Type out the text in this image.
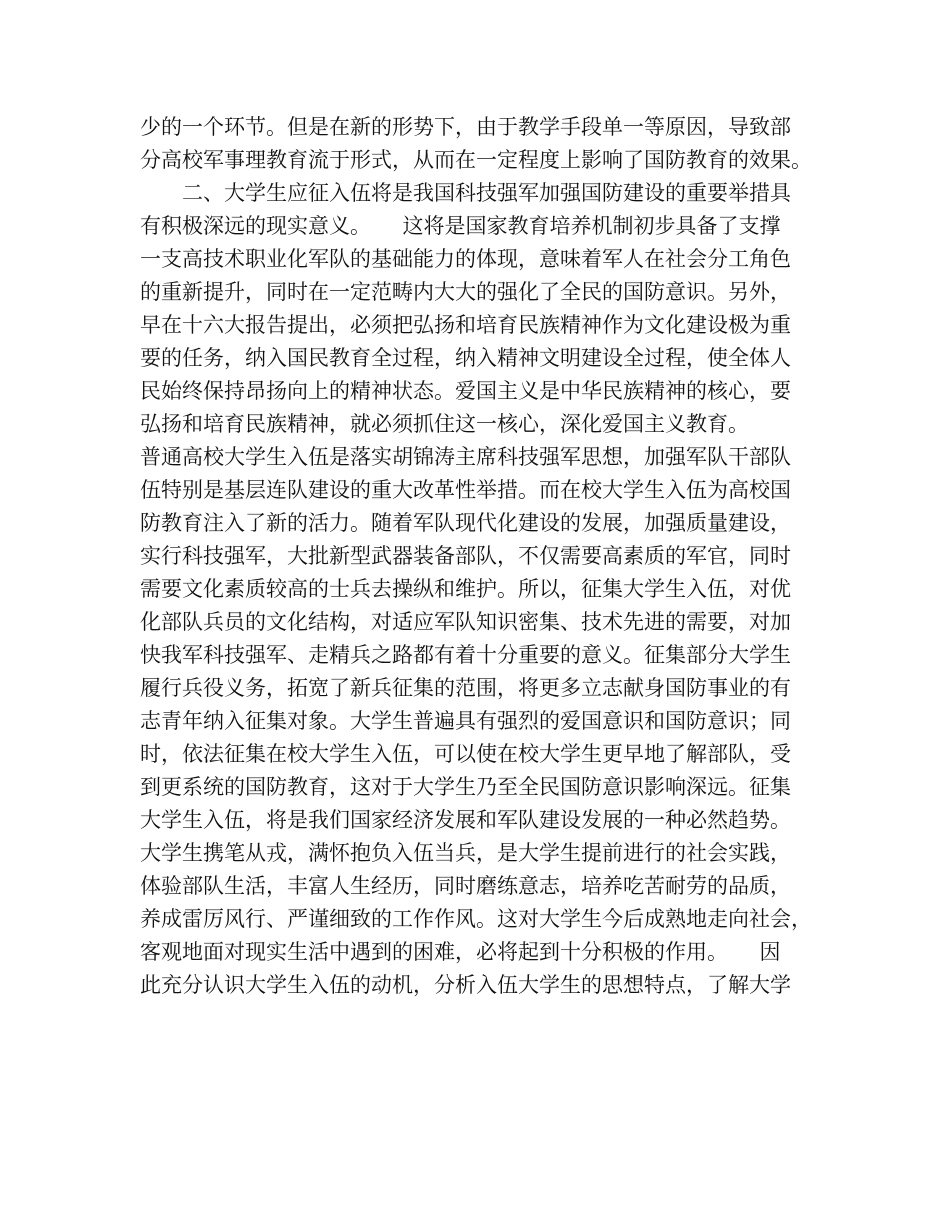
少的一个环节。但是在新的形势下，由于教学手段单一等原因，导致部
分高校军事理教育流于形式，从而在一定程度上影响了国防教育的效果。
二、大学生应征入伍将是我国科技强军加强国防建设的重要举措具
有积极深远的现实意义。　　这将是国家教育培养机制初步具备了支撑
一支高技术职业化军队的基础能力的体现，意味着军人在社会分工角色
的重新提升，同时在一定范畴内大大的强化了全民的国防意识。另外，
早在十六大报告提出，必须把弘扬和培育民族精神作为文化建设极为重
要的任务，纳入国民教育全过程，纳入精神文明建设全过程，使全体人
民始终保持昂扬向上的精神状态。爱国主义是中华民族精神的核心，要
弘扬和培育民族精神，就必须抓住这一核心，深化爱国主义教育。
普通高校大学生入伍是落实胡锦涛主席科技强军思想，加强军队干部队
伍特别是基层连队建设的重大改革性举措。而在校大学生入伍为高校国
防教育注入了新的活力。随着军队现代化建设的发展，加强质量建设，
实行科技强军，大批新型武器装备部队，不仅需要高素质的军官，同时
需要文化素质较高的士兵去操纵和维护。所以，征集大学生入伍，对优
化部队兵员的文化结构，对适应军队知识密集、技术先进的需要，对加
快我军科技强军、走精兵之路都有着十分重要的意义。征集部分大学生
履行兵役义务，拓宽了新兵征集的范围，将更多立志献身国防事业的有
志青年纳入征集对象。大学生普遍具有强烈的爱国意识和国防意识；同
时，依法征集在校大学生入伍，可以使在校大学生更早地了解部队，受
到更系统的国防教育，这对于大学生乃至全民国防意识影响深远。征集
大学生入伍，将是我们国家经济发展和军队建设发展的一种必然趋势。
大学生携笔从戎，满怀抱负入伍当兵，是大学生提前进行的社会实践，
体验部队生活，丰富人生经历，同时磨练意志，培养吃苦耐劳的品质，
养成雷厉风行、严谨细致的工作作风。这对大学生今后成熟地走向社会，
客观地面对现实生活中遇到的困难，必将起到十分积极的作用。　　因
此充分认识大学生入伍的动机，分析入伍大学生的思想特点，了解大学
